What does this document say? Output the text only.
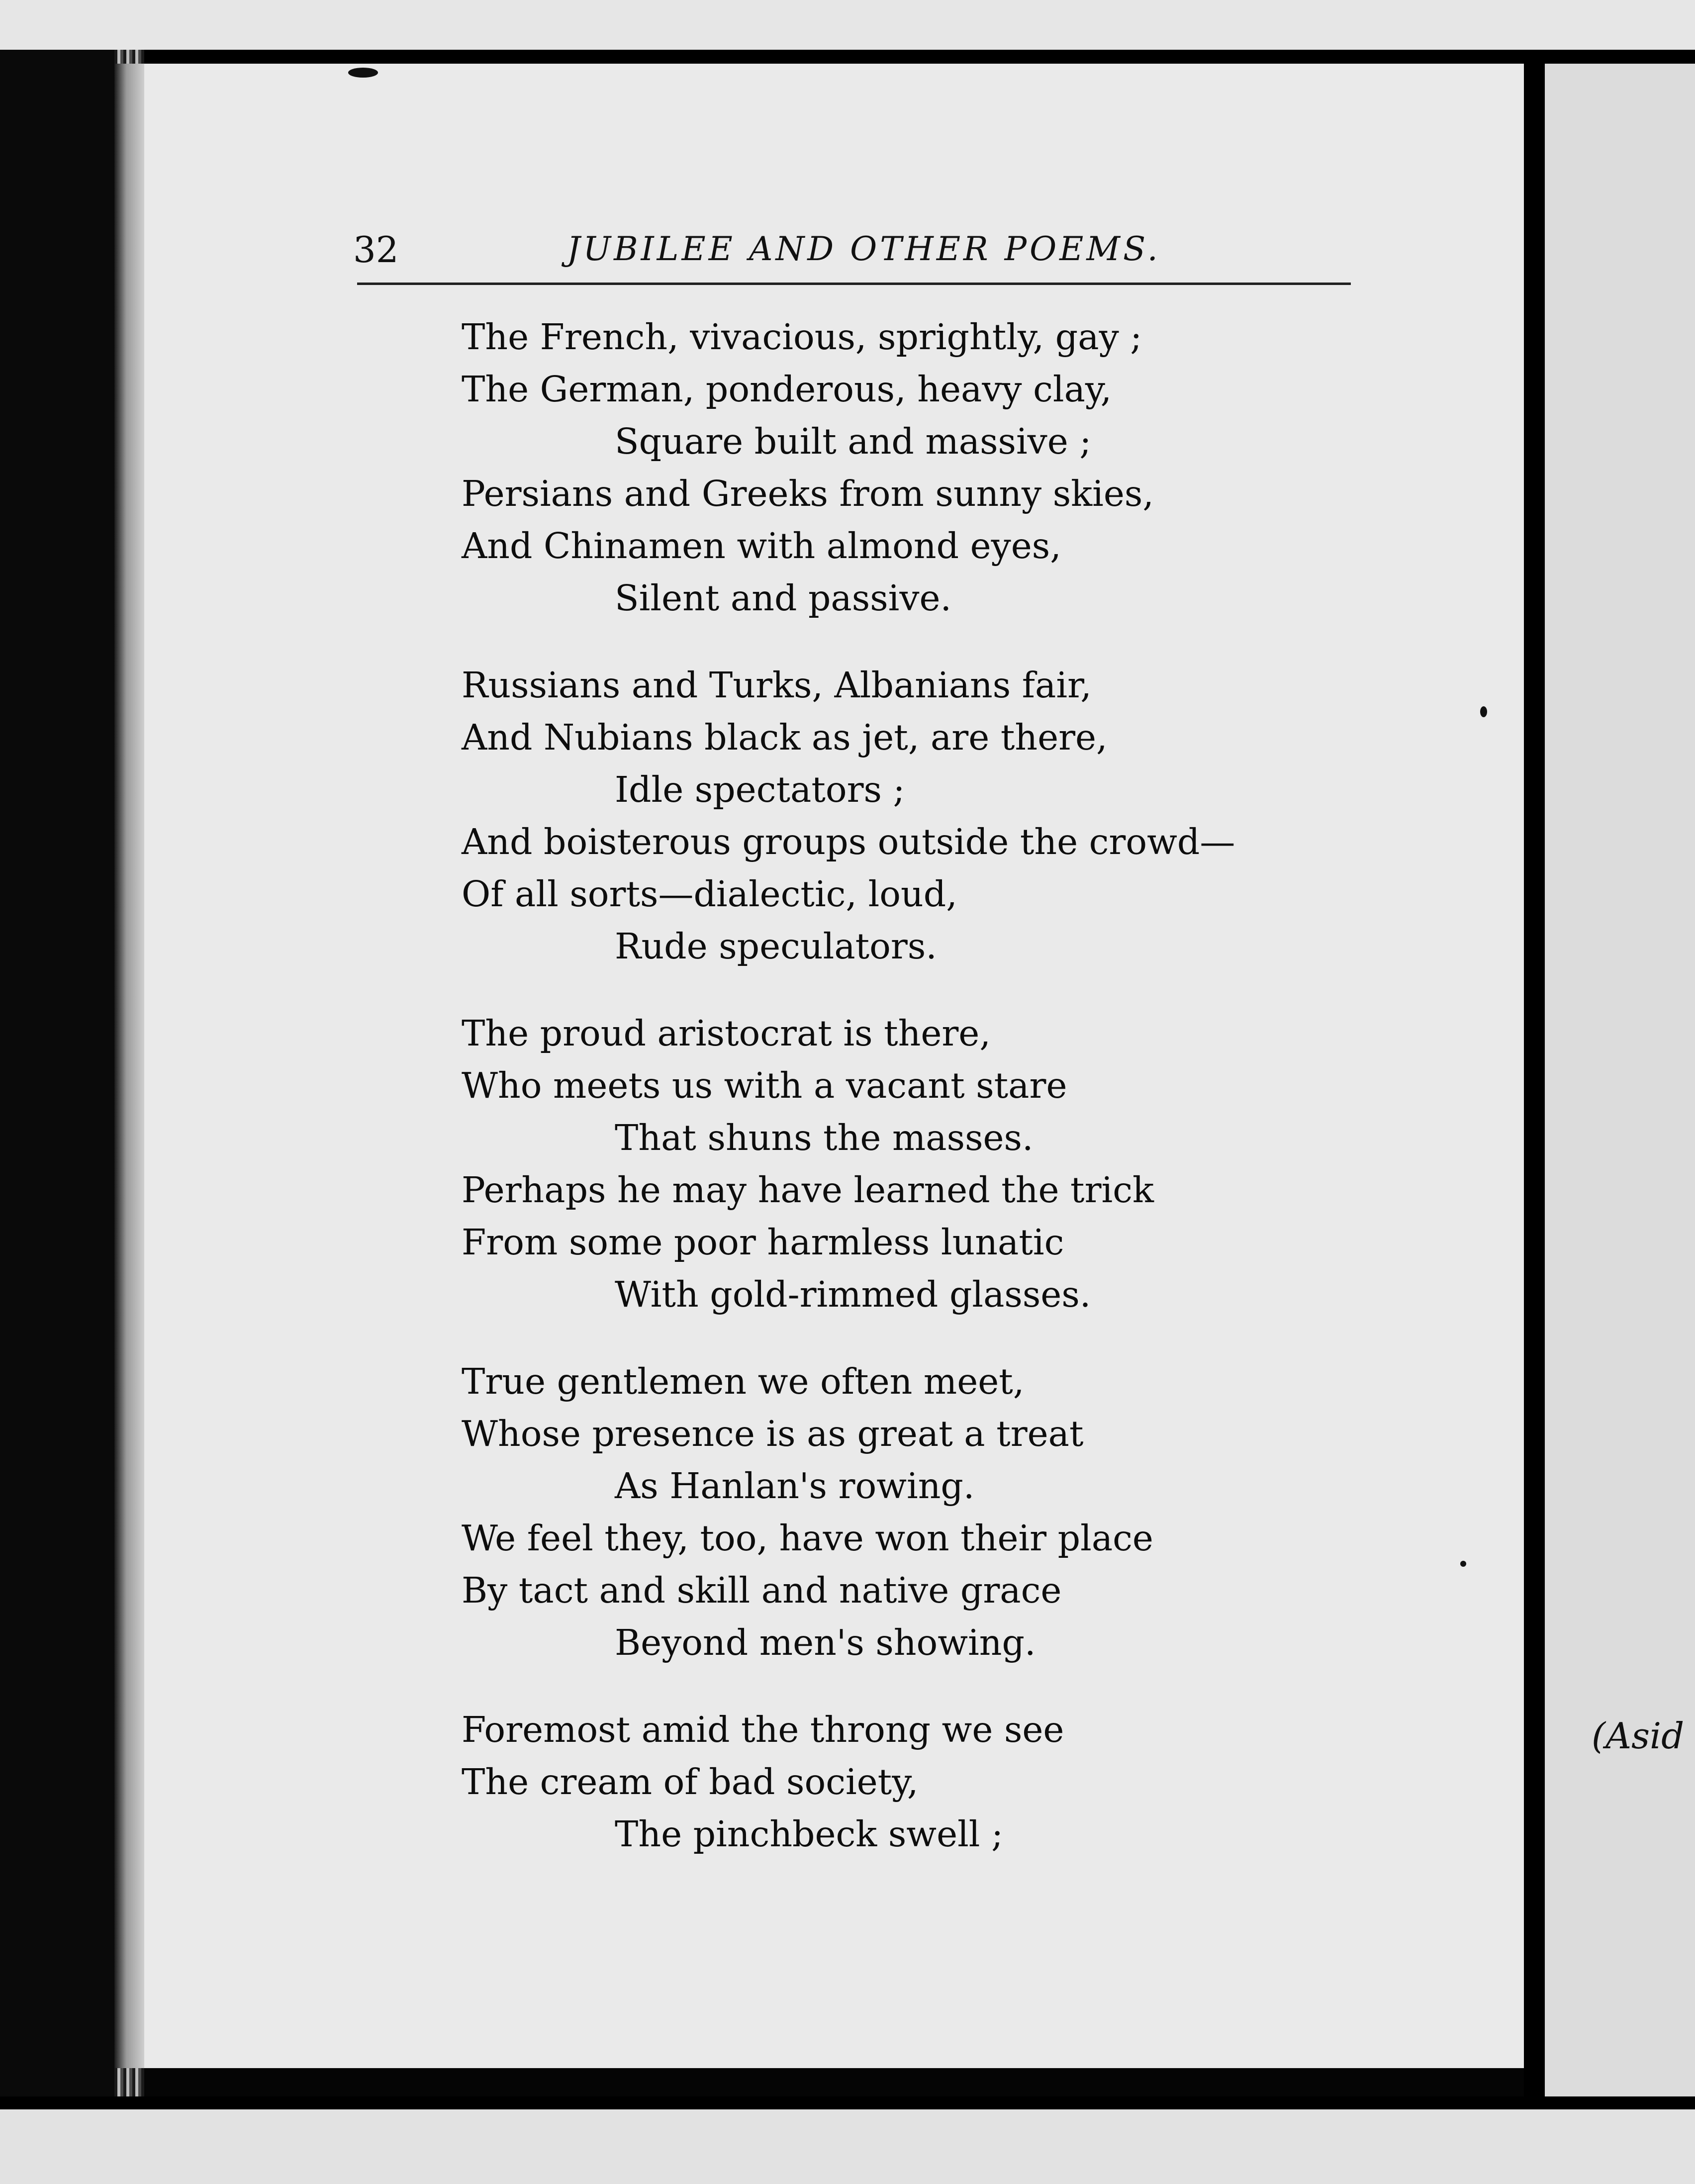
32	JUBILEE AND OTHER POEMS.
The French, vivacious, sprightly, gay ;
The German, ponderous, heavy clay,
Square built and massive ;
Persians and Greeks from sunny skies,
And Chinamen with almond eyes,
Silent and passive.
Russians and Turks, Albanians fair,
And Nubians black as jet, are there,
Idle spectators ;
And boisterous groups outside the crowd—
Of all sorts—dialectic, loud,
Rude speculators.
The proud aristocrat is there,
Who meets us with a vacant stare
That shuns the masses.
Perhaps he may have learned the trick
From some poor harmless lunatic
With gold-rimmed glasses.
True gentlemen we often meet,
Whose presence is as great a treat
As Hanlan's rowing.
We feel they, too, have won their place
By tact and skill and native grace
Beyond men's showing.
Foremost amid the throng we see
The cream of bad society,
The pinchbeck swell ;
(Asid
